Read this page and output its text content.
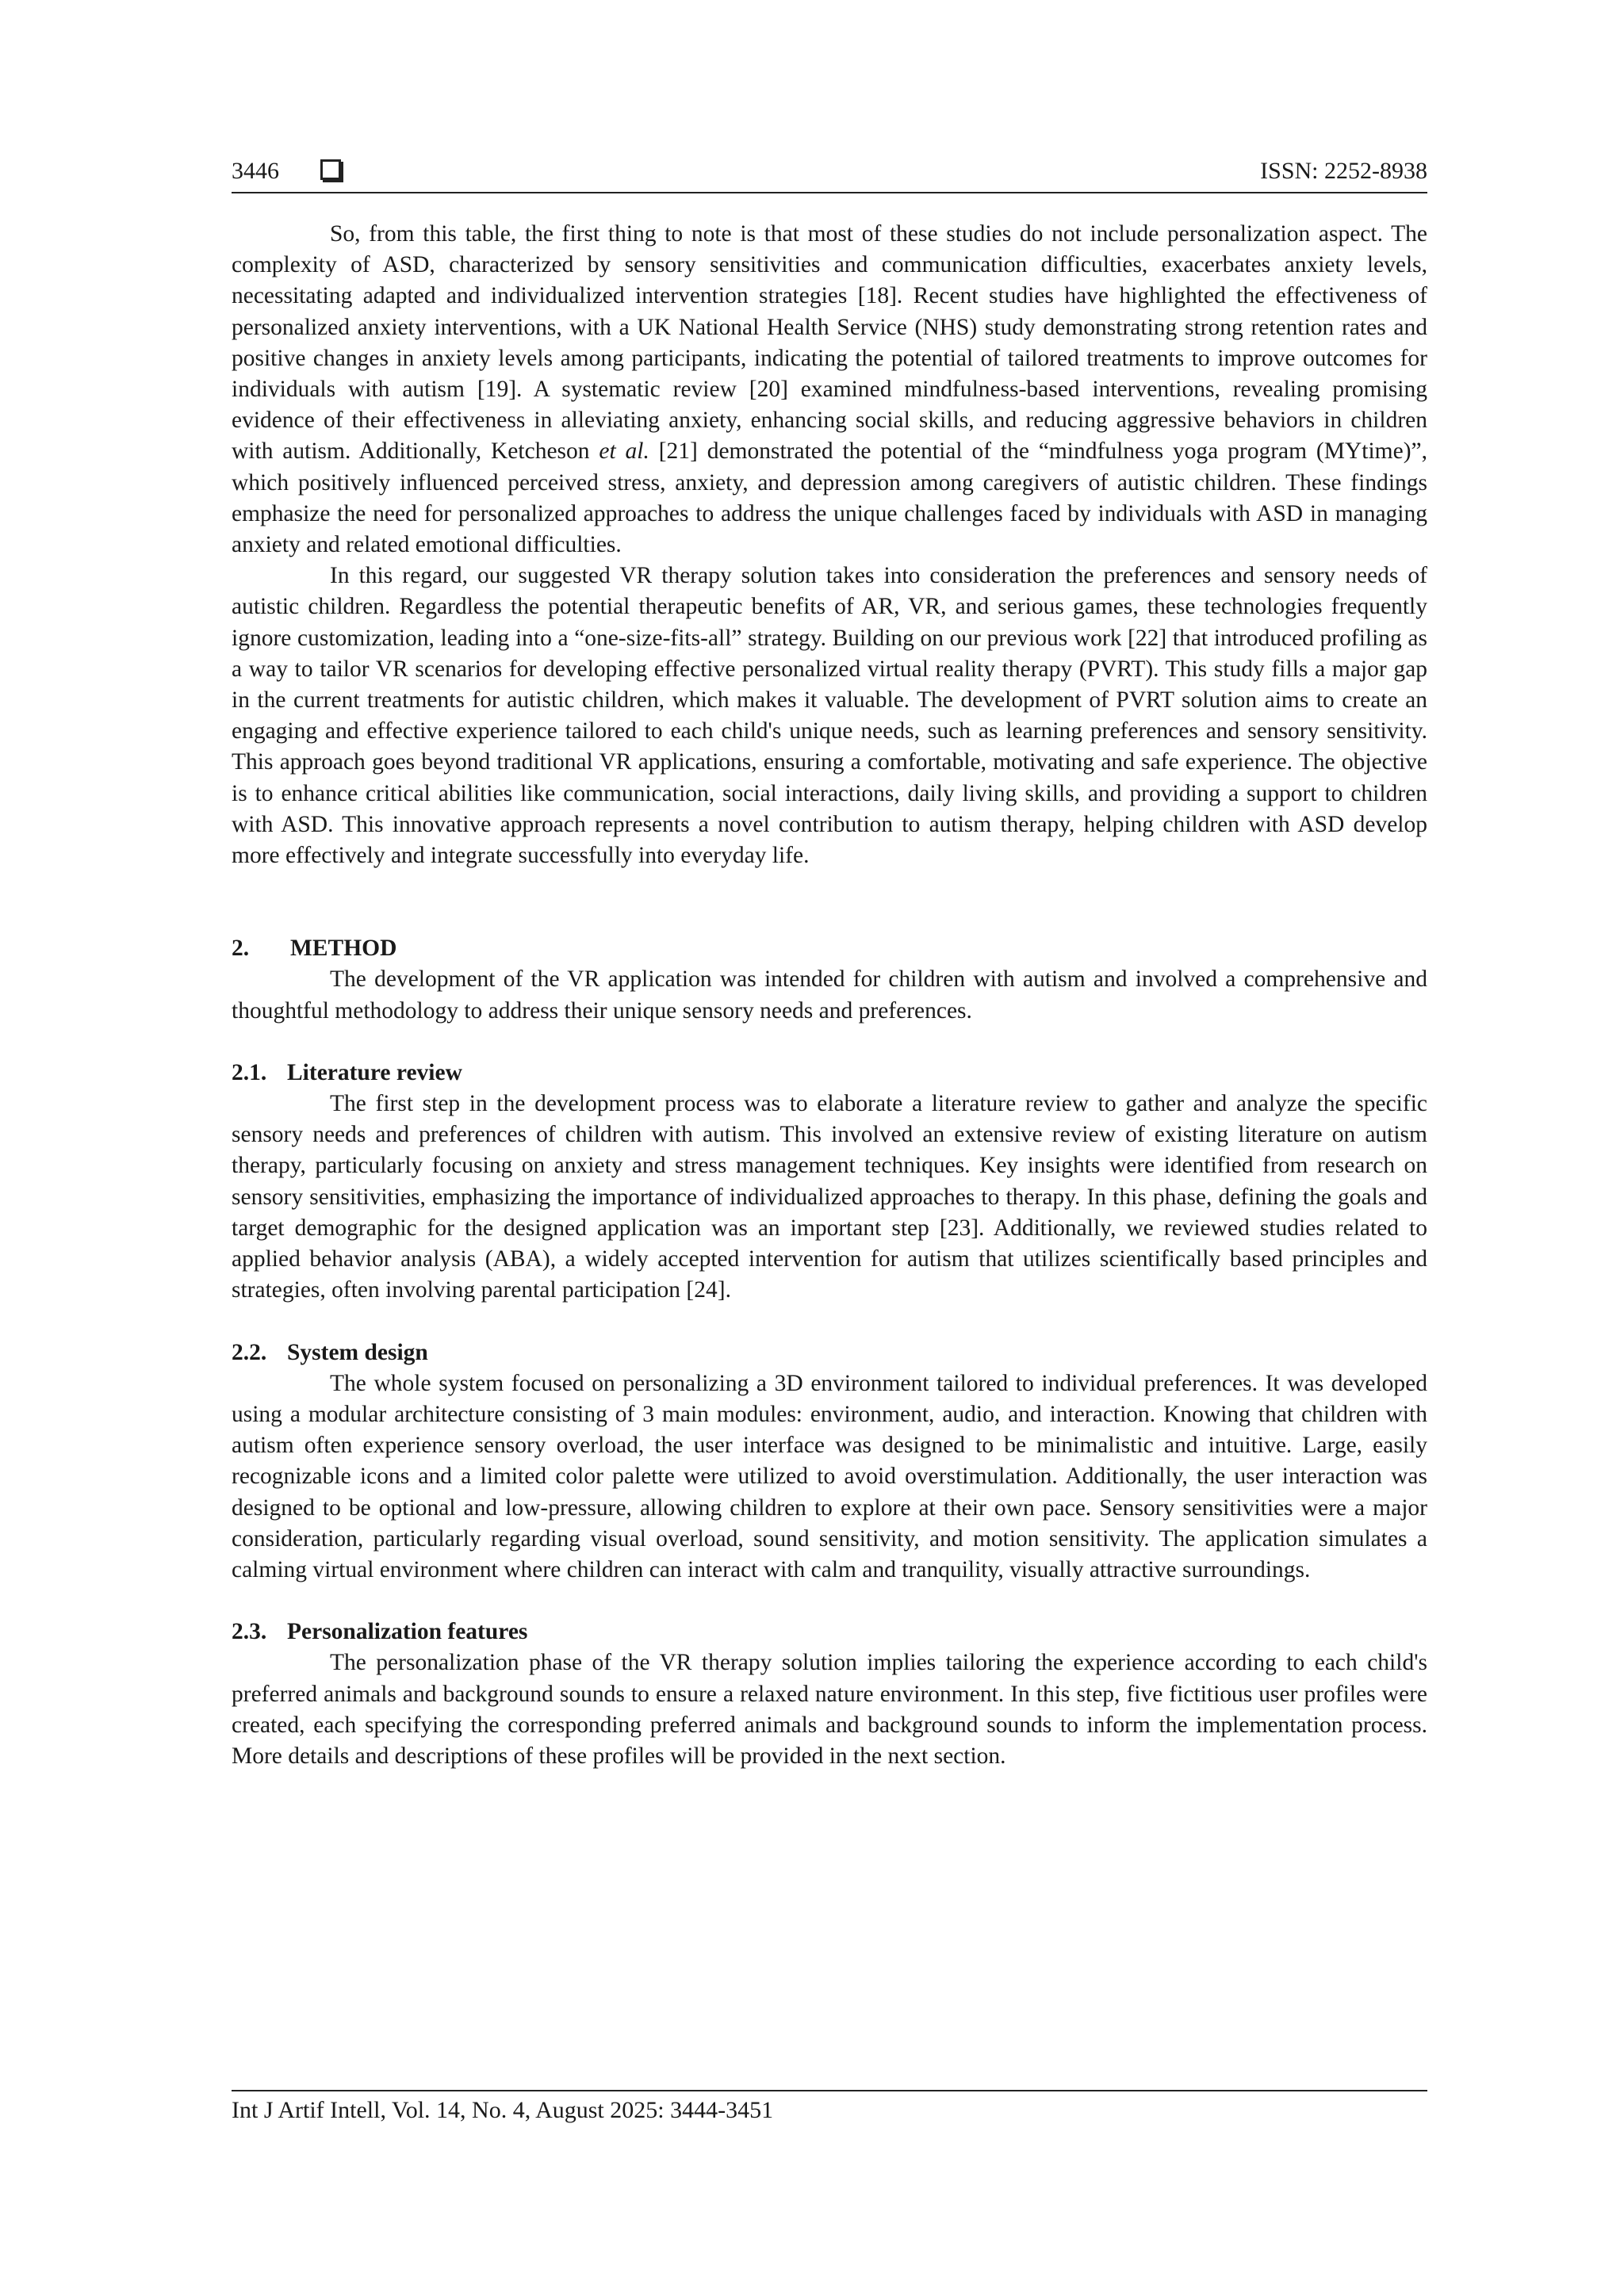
3446	ISSN: 2252-8938

So, from this table, the first thing to note is that most of these studies do not include personalization aspect. The complexity of ASD, characterized by sensory sensitivities and communication difficulties, exacerbates anxiety levels, necessitating adapted and individualized intervention strategies [18]. Recent studies have highlighted the effectiveness of personalized anxiety interventions, with a UK National Health Service (NHS) study demonstrating strong retention rates and positive changes in anxiety levels among participants, indicating the potential of tailored treatments to improve outcomes for individuals with autism [19]. A systematic review [20] examined mindfulness-based interventions, revealing promising evidence of their effectiveness in alleviating anxiety, enhancing social skills, and reducing aggressive behaviors in children with autism. Additionally, Ketcheson et al. [21] demonstrated the potential of the “mindfulness yoga program (MYtime)”, which positively influenced perceived stress, anxiety, and depression among caregivers of autistic children. These findings emphasize the need for personalized approaches to address the unique challenges faced by individuals with ASD in managing anxiety and related emotional difficulties.

In this regard, our suggested VR therapy solution takes into consideration the preferences and sensory needs of autistic children. Regardless the potential therapeutic benefits of AR, VR, and serious games, these technologies frequently ignore customization, leading into a “one-size-fits-all” strategy. Building on our previous work [22] that introduced profiling as a way to tailor VR scenarios for developing effective personalized virtual reality therapy (PVRT). This study fills a major gap in the current treatments for autistic children, which makes it valuable. The development of PVRT solution aims to create an engaging and effective experience tailored to each child's unique needs, such as learning preferences and sensory sensitivity. This approach goes beyond traditional VR applications, ensuring a comfortable, motivating and safe experience. The objective is to enhance critical abilities like communication, social interactions, daily living skills, and providing a support to children with ASD. This innovative approach represents a novel contribution to autism therapy, helping children with ASD develop more effectively and integrate successfully into everyday life.

2. METHOD

The development of the VR application was intended for children with autism and involved a comprehensive and thoughtful methodology to address their unique sensory needs and preferences.

2.1. Literature review

The first step in the development process was to elaborate a literature review to gather and analyze the specific sensory needs and preferences of children with autism. This involved an extensive review of existing literature on autism therapy, particularly focusing on anxiety and stress management techniques. Key insights were identified from research on sensory sensitivities, emphasizing the importance of individualized approaches to therapy. In this phase, defining the goals and target demographic for the designed application was an important step [23]. Additionally, we reviewed studies related to applied behavior analysis (ABA), a widely accepted intervention for autism that utilizes scientifically based principles and strategies, often involving parental participation [24].

2.2. System design

The whole system focused on personalizing a 3D environment tailored to individual preferences. It was developed using a modular architecture consisting of 3 main modules: environment, audio, and interaction. Knowing that children with autism often experience sensory overload, the user interface was designed to be minimalistic and intuitive. Large, easily recognizable icons and a limited color palette were utilized to avoid overstimulation. Additionally, the user interaction was designed to be optional and low-pressure, allowing children to explore at their own pace. Sensory sensitivities were a major consideration, particularly regarding visual overload, sound sensitivity, and motion sensitivity. The application simulates a calming virtual environment where children can interact with calm and tranquility, visually attractive surroundings.

2.3. Personalization features

The personalization phase of the VR therapy solution implies tailoring the experience according to each child's preferred animals and background sounds to ensure a relaxed nature environment. In this step, five fictitious user profiles were created, each specifying the corresponding preferred animals and background sounds to inform the implementation process. More details and descriptions of these profiles will be provided in the next section.

Int J Artif Intell, Vol. 14, No. 4, August 2025: 3444-3451
